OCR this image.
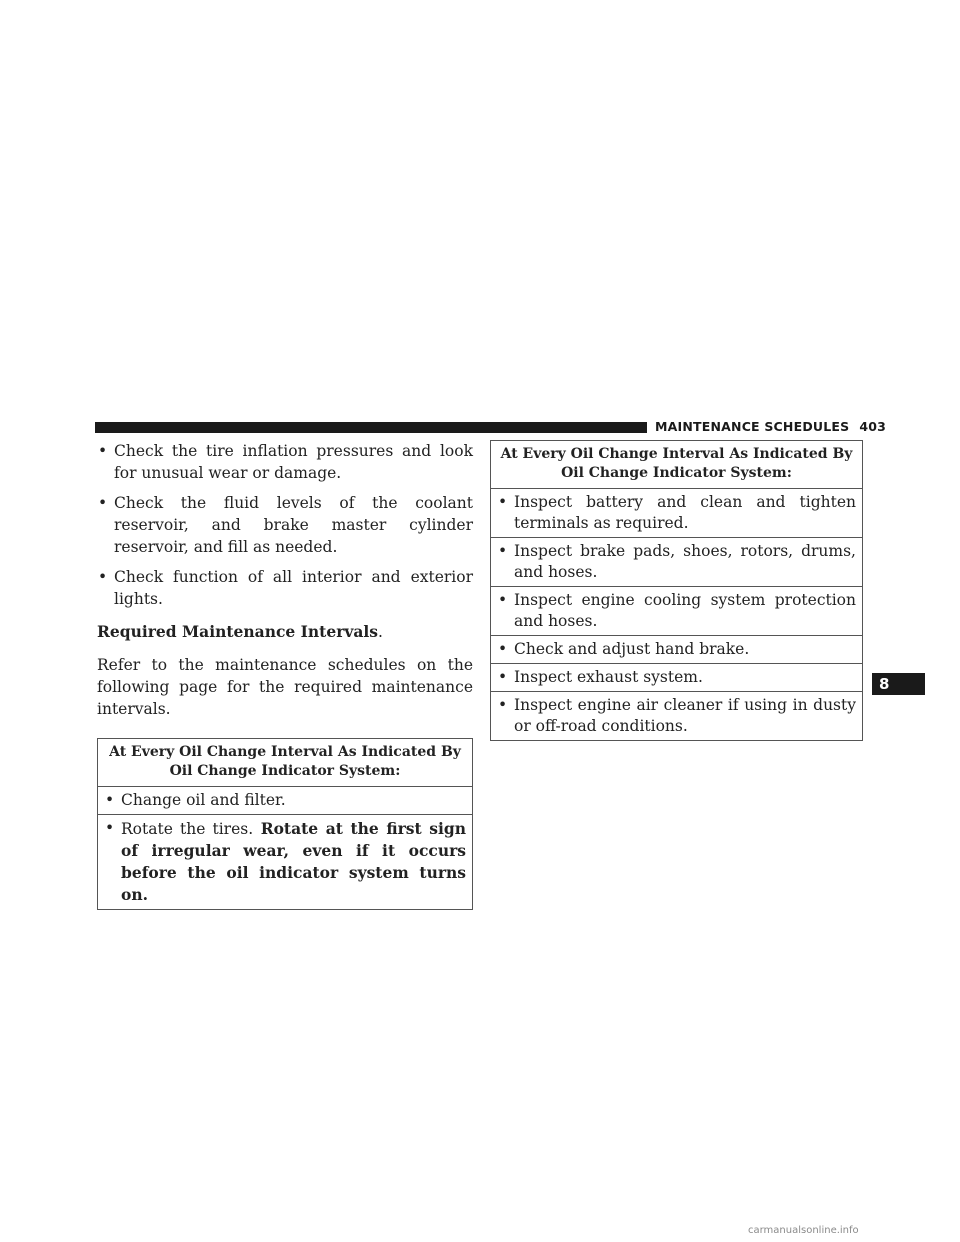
MAINTENANCE SCHEDULES 403
• Check the tire inflation pressures and look for unusual wear or damage.
• Check the fluid levels of the coolant reservoir, and brake master cylinder reservoir, and fill as needed.
• Check function of all interior and exterior lights.

Required Maintenance Intervals.

Refer to the maintenance schedules on the following page for the required maintenance intervals.

At Every Oil Change Interval As Indicated By Oil Change Indicator System:

• Change oil and filter.

• Rotate the tires. Rotate at the first sign of irregular wear, even if it occurs before the oil indicator system turns on.
At Every Oil Change Interval As Indicated By Oil Change Indicator System:

• Inspect battery and clean and tighten terminals as required.

• Inspect brake pads, shoes, rotors, drums, and hoses.

• Inspect engine cooling system protection and hoses.

• Check and adjust hand brake.

• Inspect exhaust system.

• Inspect engine air cleaner if using in dusty or off-road conditions.
8
carmanualsonline.info
